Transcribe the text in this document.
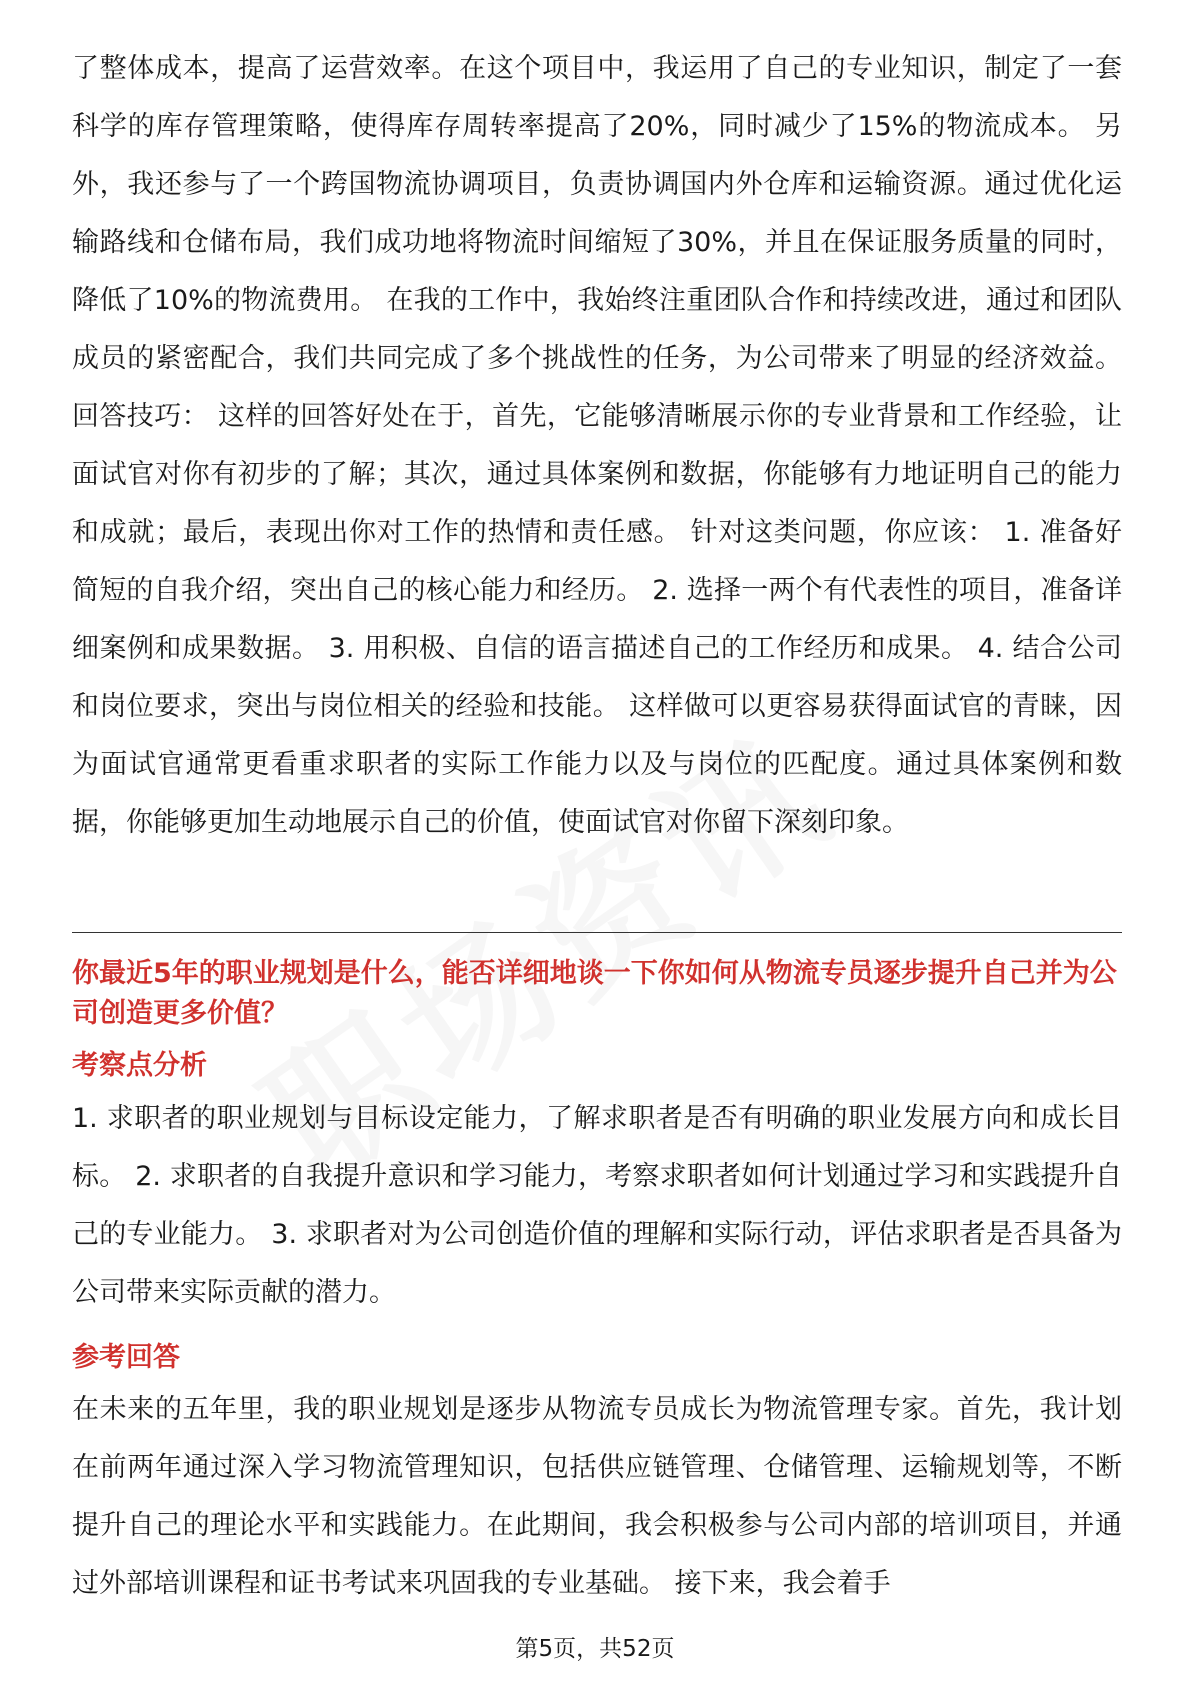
了整体成本，提高了运营效率。在这个项目中，我运用了自己的专业知识，制定了一套科学的库存管理策略，使得库存周转率提高了20%，同时减少了15%的物流成本。 另外，我还参与了一个跨国物流协调项目，负责协调国内外仓库和运输资源。通过优化运输路线和仓储布局，我们成功地将物流时间缩短了30%，并且在保证服务质量的同时，降低了10%的物流费用。 在我的工作中，我始终注重团队合作和持续改进，通过和团队成员的紧密配合，我们共同完成了多个挑战性的任务，为公司带来了明显的经济效益。 回答技巧： 这样的回答好处在于，首先，它能够清晰展示你的专业背景和工作经验，让面试官对你有初步的了解；其次，通过具体案例和数据，你能够有力地证明自己的能力和成就；最后，表现出你对工作的热情和责任感。 针对这类问题，你应该： 1. 准备好简短的自我介绍，突出自己的核心能力和经历。 2. 选择一两个有代表性的项目，准备详细案例和成果数据。 3. 用积极、自信的语言描述自己的工作经历和成果。 4. 结合公司和岗位要求，突出与岗位相关的经验和技能。 这样做可以更容易获得面试官的青睐，因为面试官通常更看重求职者的实际工作能力以及与岗位的匹配度。通过具体案例和数据，你能够更加生动地展示自己的价值，使面试官对你留下深刻印象。

你最近5年的职业规划是什么，能否详细地谈一下你如何从物流专员逐步提升自己并为公司创造更多价值？

考察点分析

1. 求职者的职业规划与目标设定能力，了解求职者是否有明确的职业发展方向和成长目标。 2. 求职者的自我提升意识和学习能力，考察求职者如何计划通过学习和实践提升自己的专业能力。 3. 求职者对为公司创造价值的理解和实际行动，评估求职者是否具备为公司带来实际贡献的潜力。

参考回答

在未来的五年里，我的职业规划是逐步从物流专员成长为物流管理专家。首先，我计划在前两年通过深入学习物流管理知识，包括供应链管理、仓储管理、运输规划等，不断提升自己的理论水平和实践能力。在此期间，我会积极参与公司内部的培训项目，并通过外部培训课程和证书考试来巩固我的专业基础。 接下来，我会着手

第5页，共52页
